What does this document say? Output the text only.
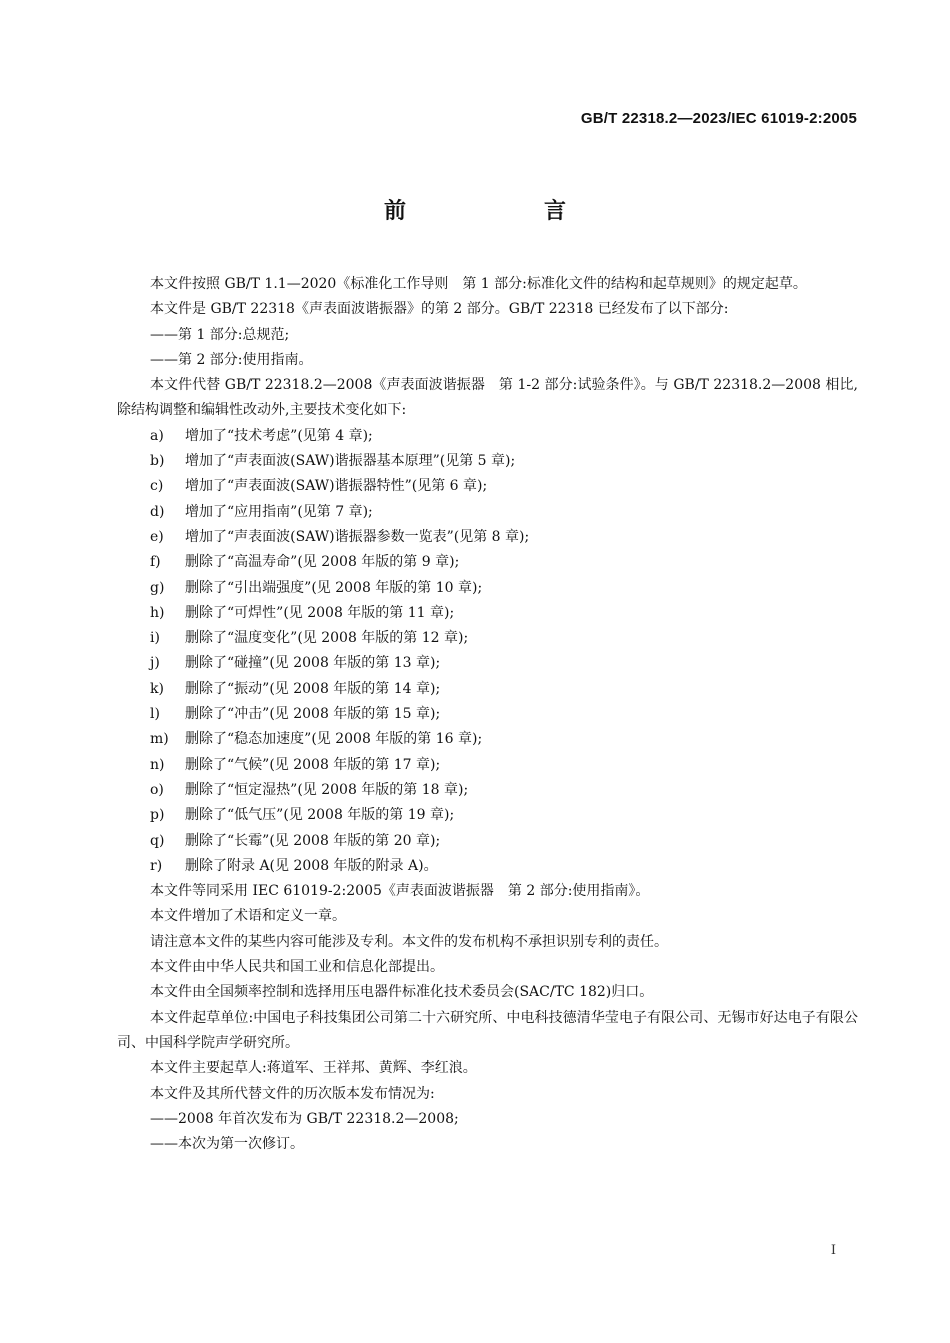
GB/T 22318.2—2023/IEC 61019-2:2005
前　言

本文件按照 GB/T 1.1—2020《标准化工作导则　第 1 部分:标准化文件的结构和起草规则》的规定起草。

本文件是 GB/T 22318《声表面波谐振器》的第 2 部分。GB/T 22318 已经发布了以下部分:

——第 1 部分:总规范;

——第 2 部分:使用指南。

本文件代替 GB/T 22318.2—2008《声表面波谐振器　第 1-2 部分:试验条件》。与 GB/T 22318.2—2008 相比,除结构调整和编辑性改动外,主要技术变化如下:

a)	增加了“技术考虑”(见第 4 章);
b)	增加了“声表面波(SAW)谐振器基本原理”(见第 5 章);
c)	增加了“声表面波(SAW)谐振器特性”(见第 6 章);
d)	增加了“应用指南”(见第 7 章);
e)	增加了“声表面波(SAW)谐振器参数一览表”(见第 8 章);
f)	删除了“高温寿命”(见 2008 年版的第 9 章);
g)	删除了“引出端强度”(见 2008 年版的第 10 章);
h)	删除了“可焊性”(见 2008 年版的第 11 章);
i)	删除了“温度变化”(见 2008 年版的第 12 章);
j)	删除了“碰撞”(见 2008 年版的第 13 章);
k)	删除了“振动”(见 2008 年版的第 14 章);
l)	删除了“冲击”(见 2008 年版的第 15 章);
m)	删除了“稳态加速度”(见 2008 年版的第 16 章);
n)	删除了“气候”(见 2008 年版的第 17 章);
o)	删除了“恒定湿热”(见 2008 年版的第 18 章);
p)	删除了“低气压”(见 2008 年版的第 19 章);
q)	删除了“长霉”(见 2008 年版的第 20 章);
r)	删除了附录 A(见 2008 年版的附录 A)。

本文件等同采用 IEC 61019-2:2005《声表面波谐振器　第 2 部分:使用指南》。

本文件增加了术语和定义一章。

请注意本文件的某些内容可能涉及专利。本文件的发布机构不承担识别专利的责任。

本文件由中华人民共和国工业和信息化部提出。

本文件由全国频率控制和选择用压电器件标准化技术委员会(SAC/TC 182)归口。

本文件起草单位:中国电子科技集团公司第二十六研究所、中电科技德清华莹电子有限公司、无锡市好达电子有限公司、中国科学院声学研究所。

本文件主要起草人:蒋道军、王祥邦、黄辉、李红浪。

本文件及其所代替文件的历次版本发布情况为:

——2008 年首次发布为 GB/T 22318.2—2008;

——本次为第一次修订。

I
